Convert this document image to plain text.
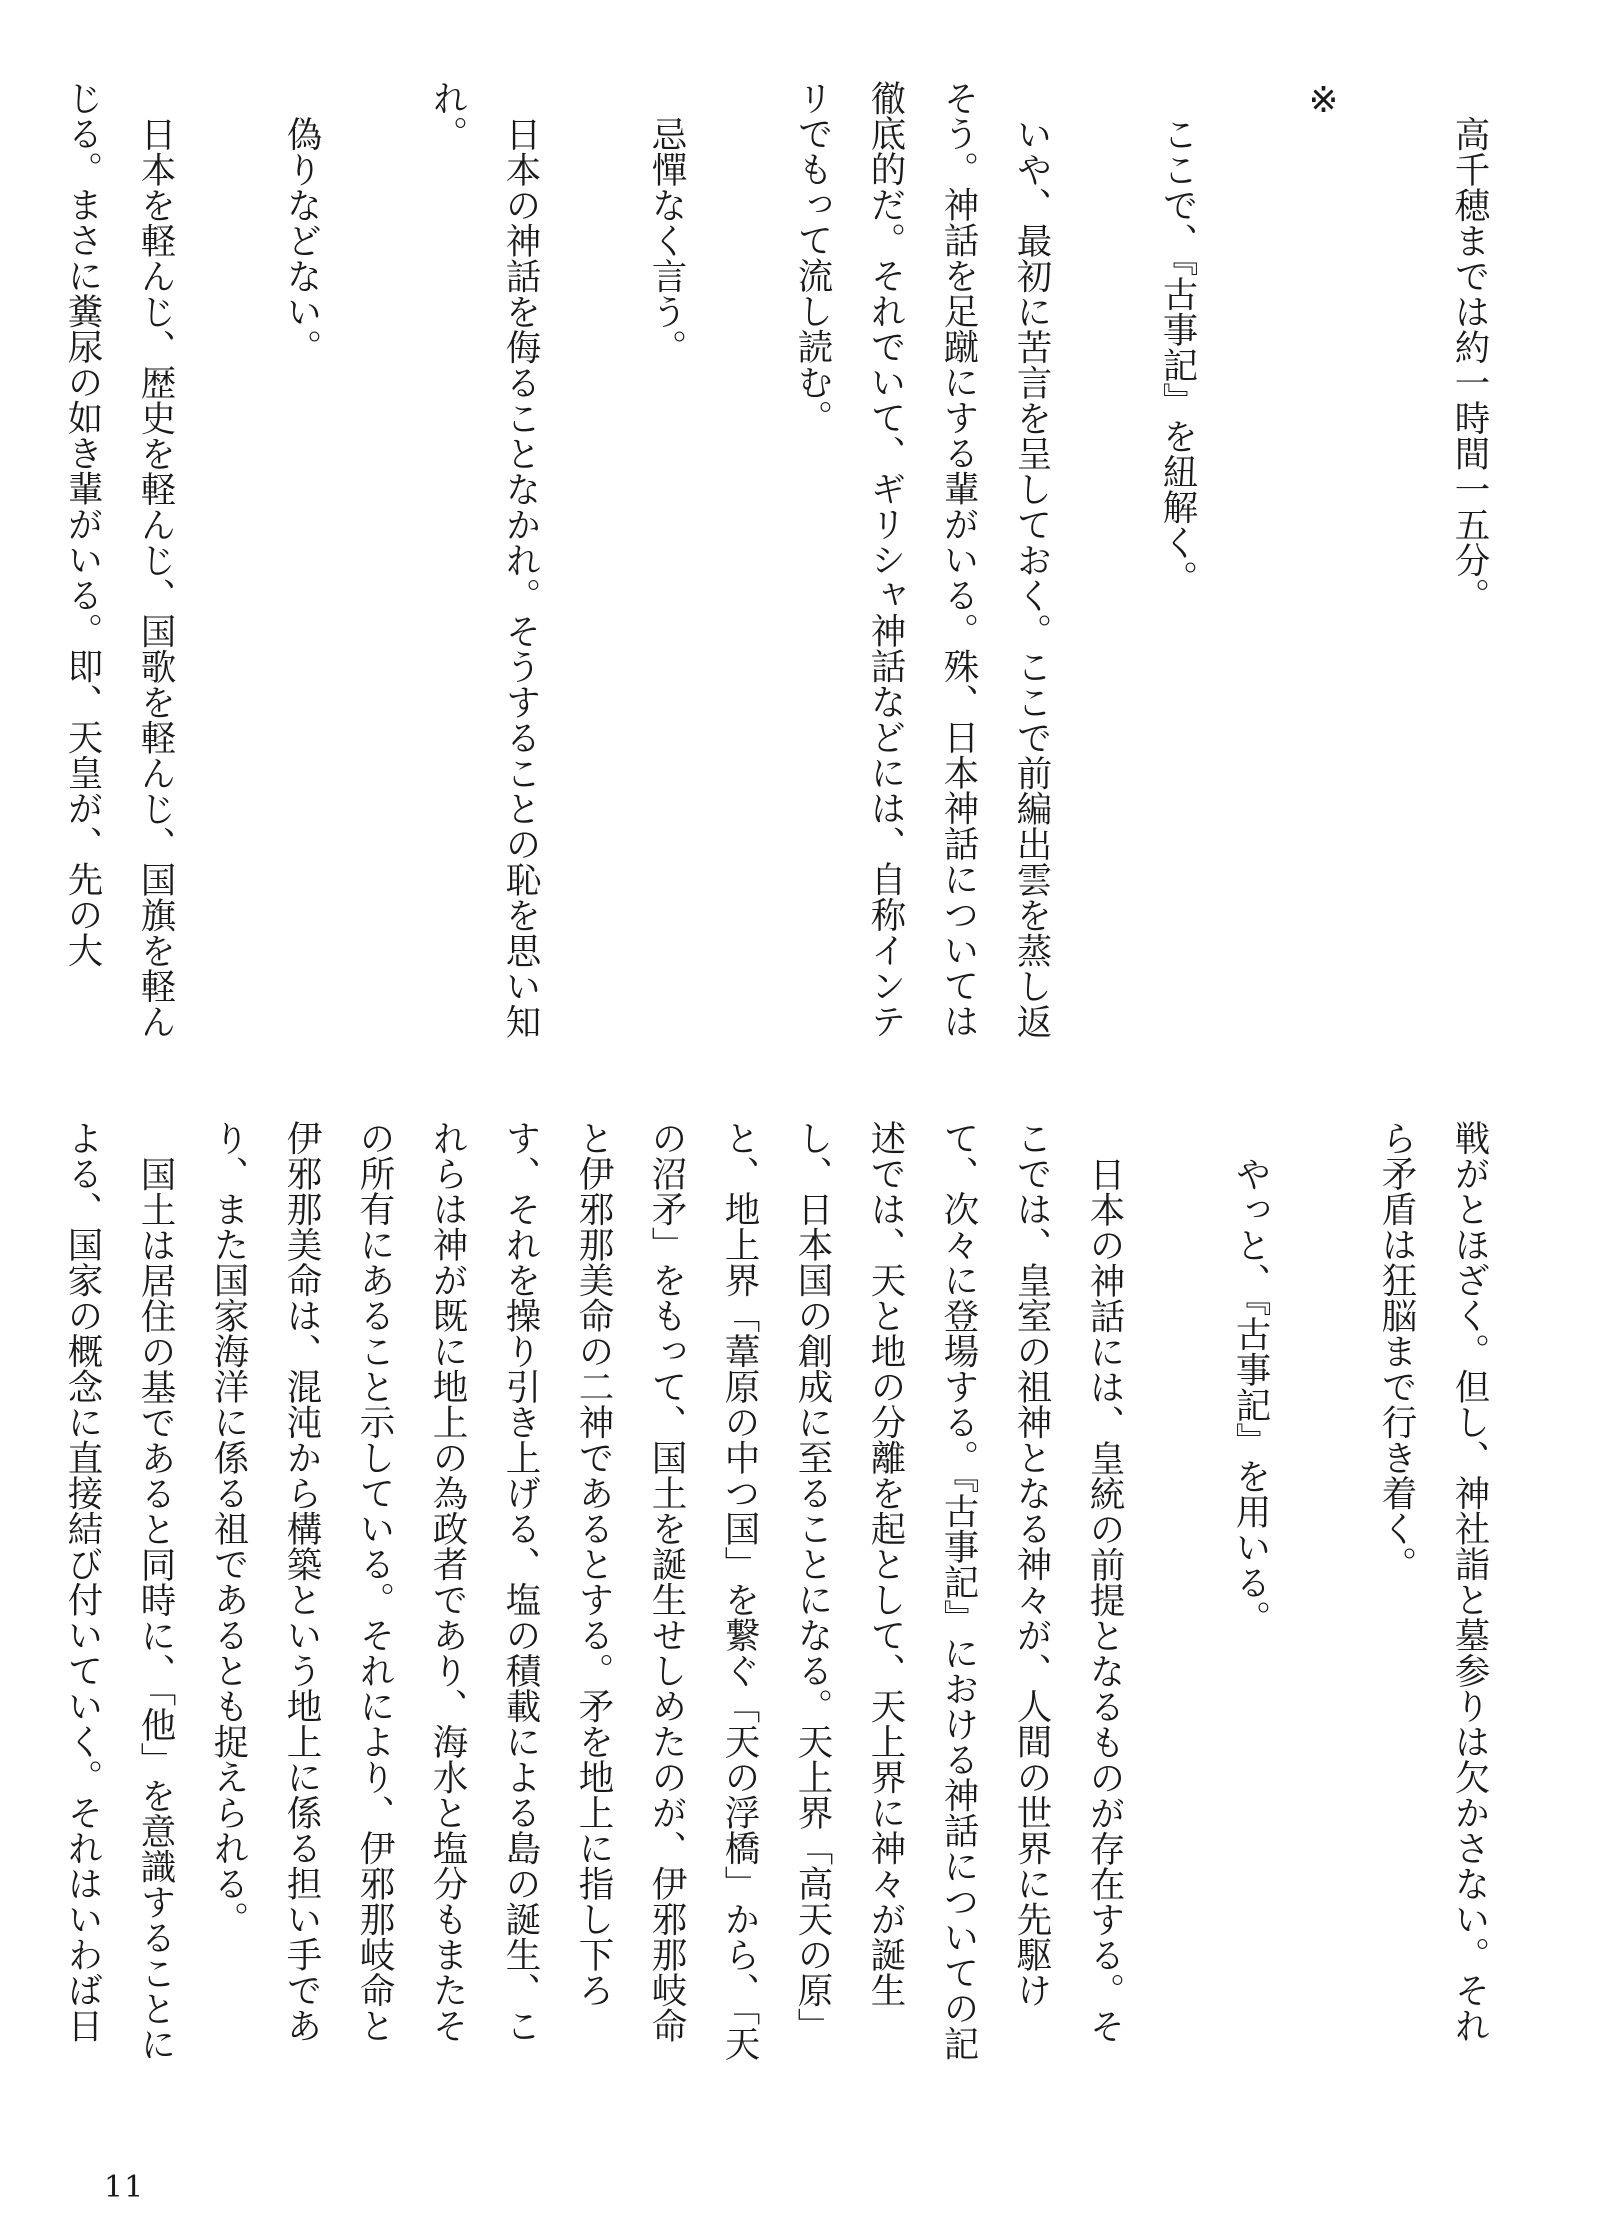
高千穂までは約一時間一五分。

※

ここで、『古事記』を紐解く。

いや、最初に苦言を呈しておく。ここで前編出雲を蒸し返そう。神話を足蹴にする輩がいる。殊、日本神話については徹底的だ。それでいて、ギリシャ神話などには、自称インテリでもって流し読む。

忌憚なく言う。

日本の神話を侮ることなかれ。そうすることの恥を思い知れ。

偽りなどない。

日本を軽んじ、歴史を軽んじ、国歌を軽んじ、国旗を軽んじる。まさに糞尿の如き輩がいる。即、天皇が、先の大

戦がとほざく。但し、神社詣と墓参りは欠かさない。それら矛盾は狂脳まで行き着く。

やっと、『古事記』を用いる。

日本の神話には、皇統の前提となるものが存在する。そこでは、皇室の祖神となる神々が、人間の世界に先駆けて、次々に登場する。『古事記』における神話についての記述では、天と地の分離を起として、天上界に神々が誕生し、日本国の創成に至ることになる。天上界「高天の原」と、地上界「葦原の中つ国」を繋ぐ「天の浮橋」から、「天の沼矛」をもって、国土を誕生せしめたのが、伊邪那岐命と伊邪那美命の二神であるとする。矛を地上に指し下ろす、それを操り引き上げる、塩の積載による島の誕生、これらは神が既に地上の為政者であり、海水と塩分もまたその所有にあること示している。それにより、伊邪那岐命と伊邪那美命は、混沌から構築という地上に係る担い手であり、また国家海洋に係る祖であるとも捉えられる。

国土は居住の基であると同時に、「他」を意識することによる、国家の概念に直接結び付いていく。それはいわば日

11
